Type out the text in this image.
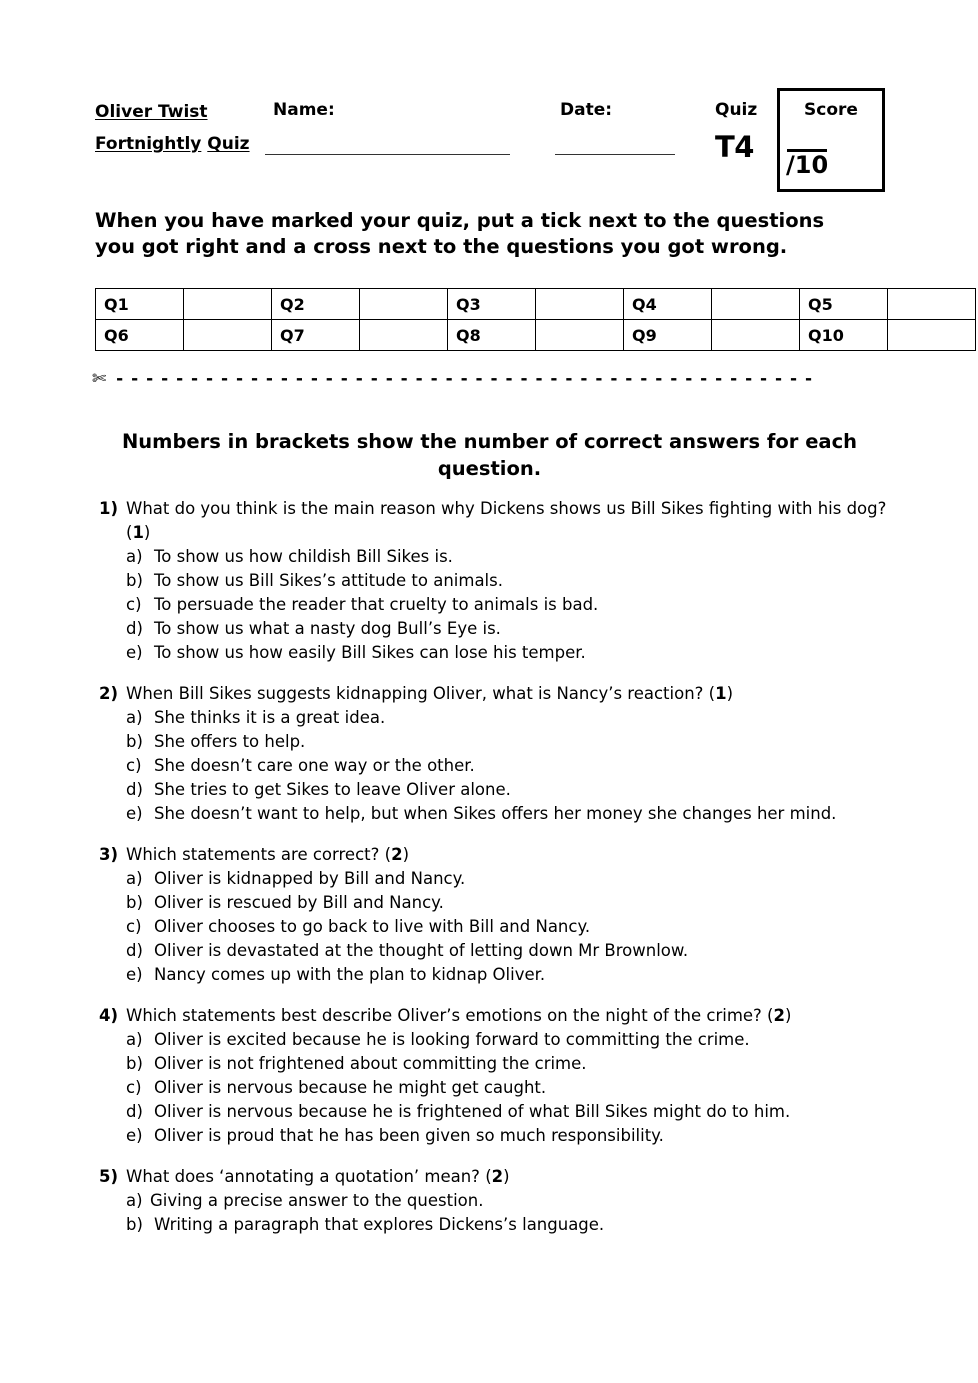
Oliver Twist Fortnightly Quiz
Name:	Date:	Quiz
T4
Score
/10
When you have marked your quiz, put a tick next to the questions you got right and a cross next to the questions you got wrong.
Q1		Q2		Q3		Q4		Q5	
Q6		Q7		Q8		Q9		Q10	
✄ - - - - - - - - - - - - - - - - - - - - - - - - - - - - - - - - - - - - - - - - - - - - - - -
Numbers in brackets show the number of correct answers for each question.
1) What do you think is the main reason why Dickens shows us Bill Sikes fighting with his dog? (1)
a) To show us how childish Bill Sikes is.
b) To show us Bill Sikes’s attitude to animals.
c) To persuade the reader that cruelty to animals is bad.
d) To show us what a nasty dog Bull’s Eye is.
e) To show us how easily Bill Sikes can lose his temper.
2) When Bill Sikes suggests kidnapping Oliver, what is Nancy’s reaction? (1)
a) She thinks it is a great idea.
b) She offers to help.
c) She doesn’t care one way or the other.
d) She tries to get Sikes to leave Oliver alone.
e) She doesn’t want to help, but when Sikes offers her money she changes her mind.
3) Which statements are correct? (2)
a) Oliver is kidnapped by Bill and Nancy.
b) Oliver is rescued by Bill and Nancy.
c) Oliver chooses to go back to live with Bill and Nancy.
d) Oliver is devastated at the thought of letting down Mr Brownlow.
e) Nancy comes up with the plan to kidnap Oliver.
4) Which statements best describe Oliver’s emotions on the night of the crime? (2)
a) Oliver is excited because he is looking forward to committing the crime.
b) Oliver is not frightened about committing the crime.
c) Oliver is nervous because he might get caught.
d) Oliver is nervous because he is frightened of what Bill Sikes might do to him.
e) Oliver is proud that he has been given so much responsibility.
5) What does ‘annotating a quotation’ mean? (2)
a) Giving a precise answer to the question.
b) Writing a paragraph that explores Dickens’s language.
